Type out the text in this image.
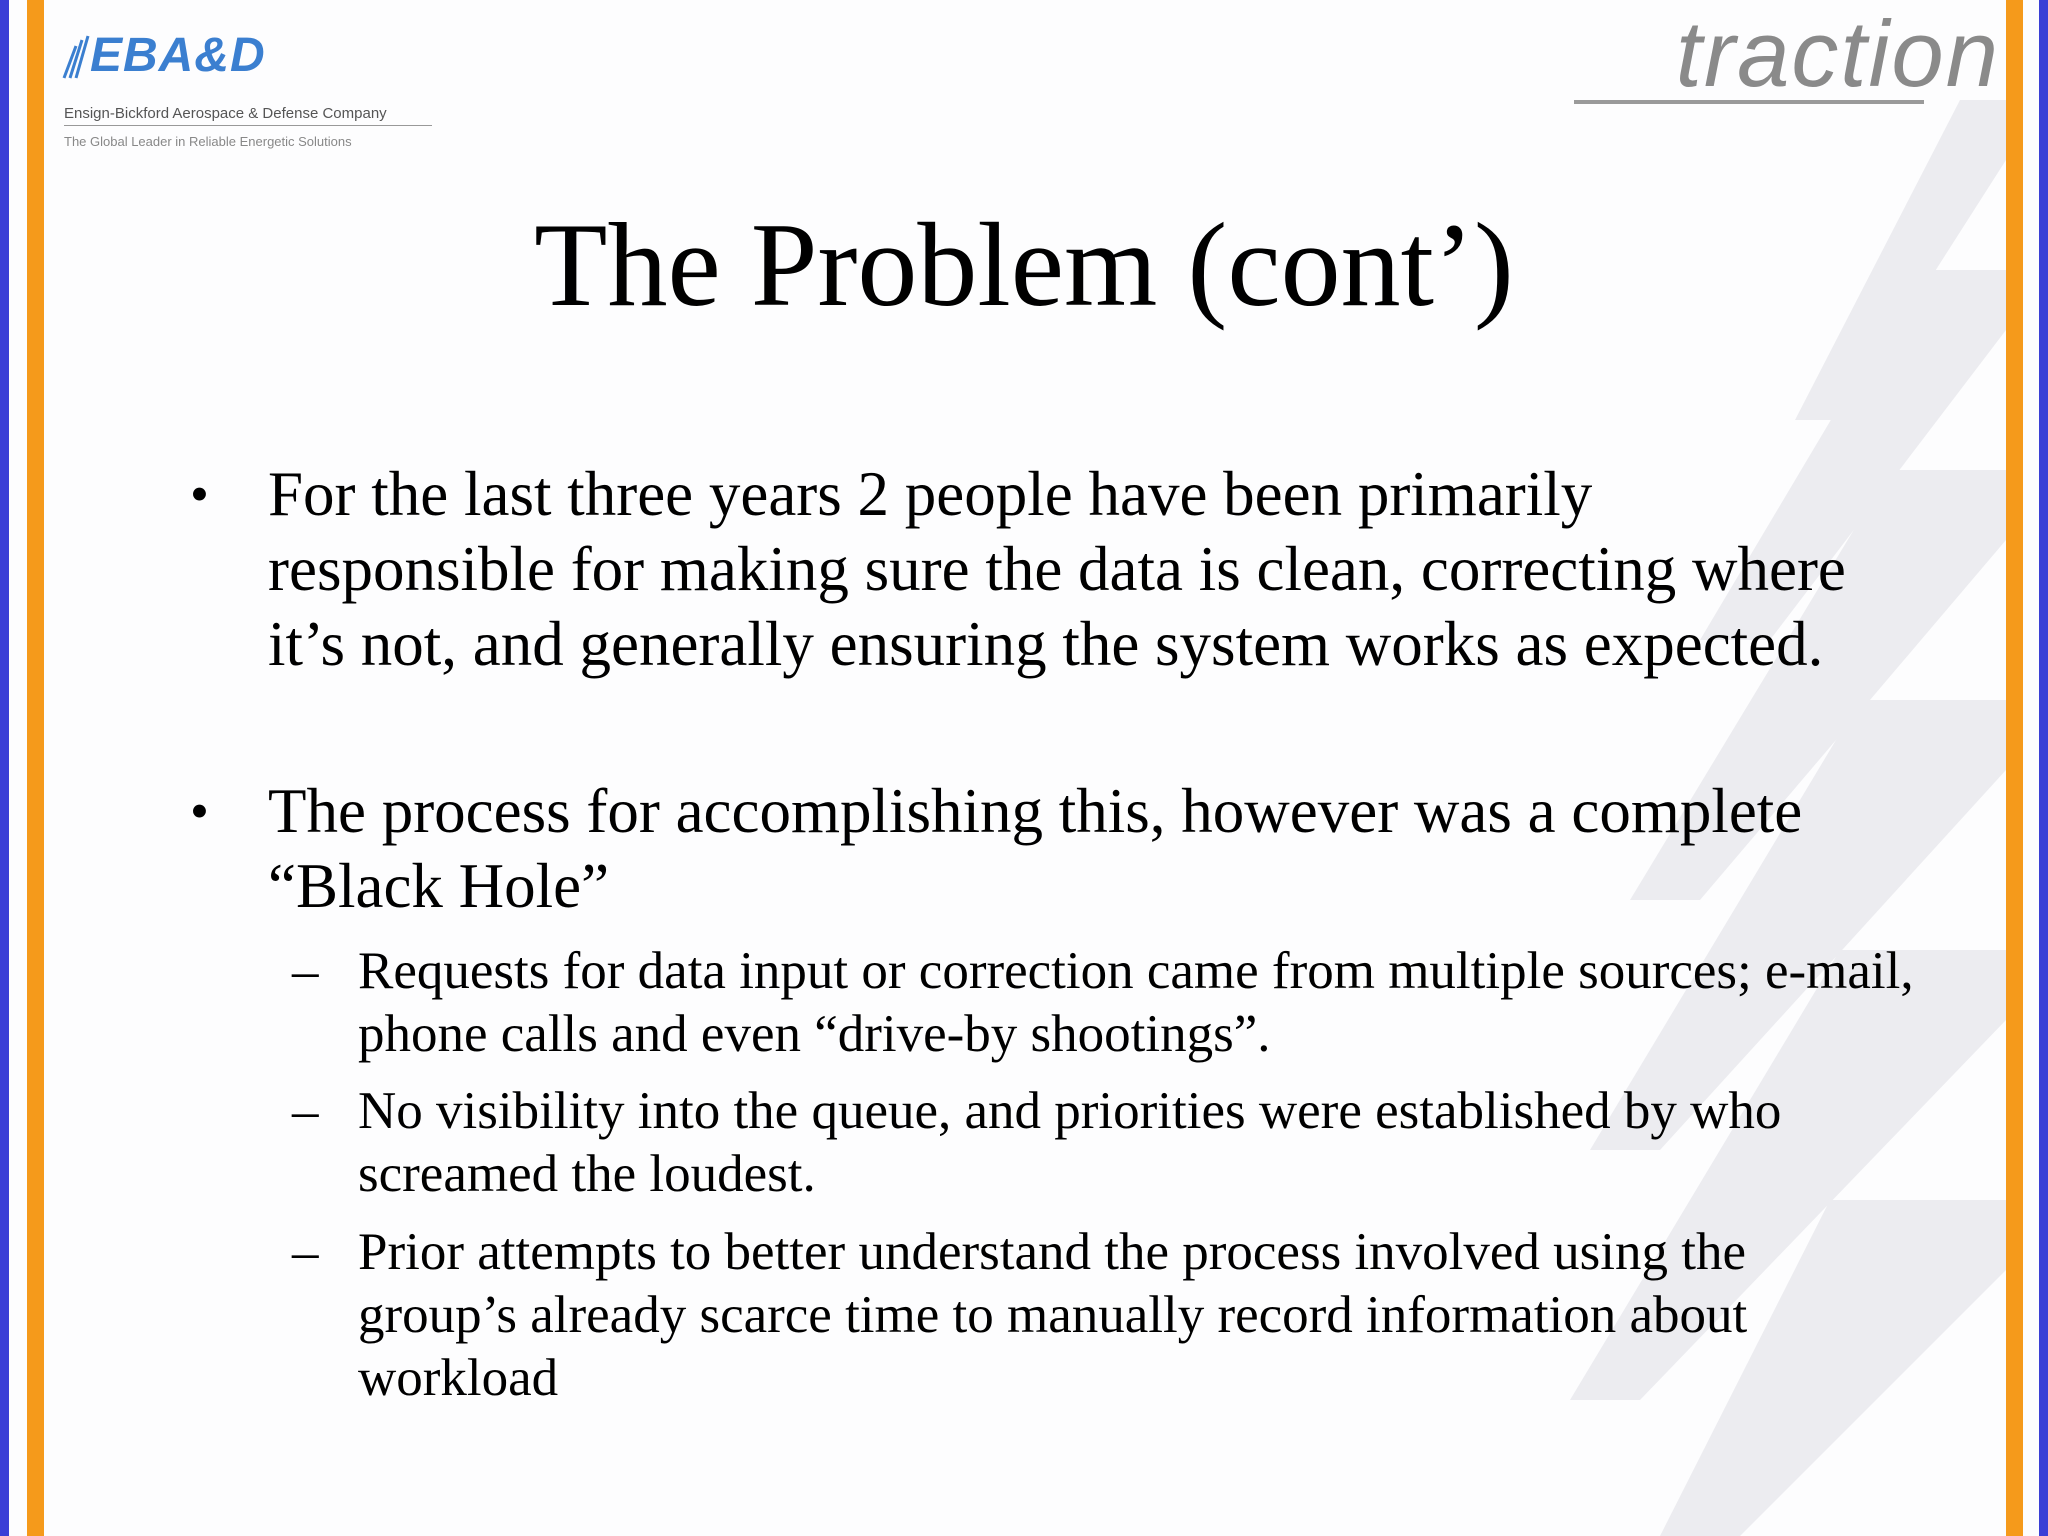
EBA&D
Ensign-Bickford Aerospace & Defense Company
The Global Leader in Reliable Energetic Solutions
traction
The Problem (cont’)
• For the last three years 2 people have been primarily responsible for making sure the data is clean, correcting where it’s not, and generally ensuring the system works as expected.
• The process for accomplishing this, however was a complete “Black Hole”
– Requests for data input or correction came from multiple sources; e-mail, phone calls and even “drive-by shootings”.
– No visibility into the queue, and priorities were established by who screamed the loudest.
– Prior attempts to better understand the process involved using the group’s already scarce time to manually record information about workload
